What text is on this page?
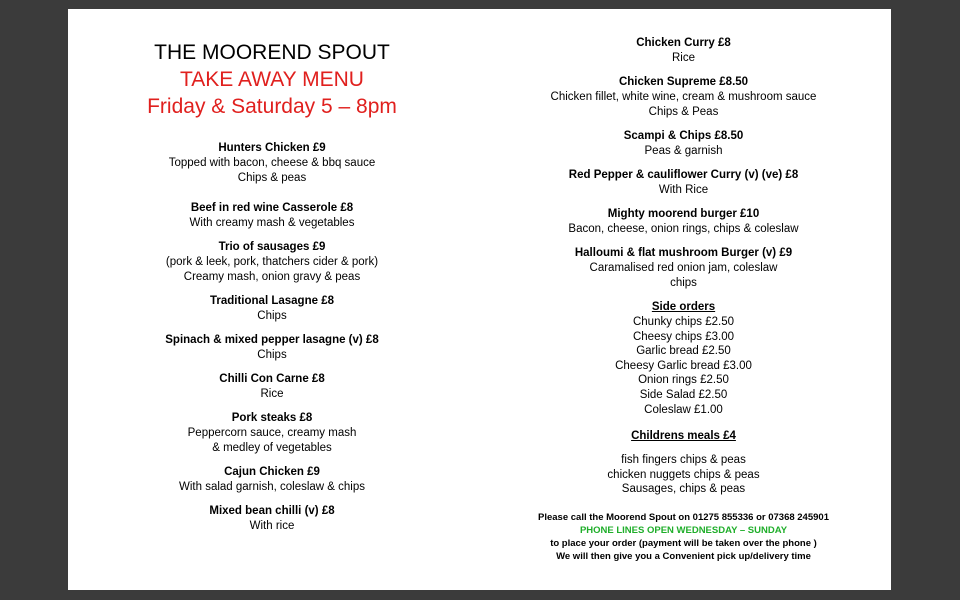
THE MOOREND SPOUT
TAKE AWAY MENU
Friday & Saturday 5 – 8pm
Hunters Chicken £9
Topped with bacon, cheese & bbq sauce
Chips & peas
Beef in red wine Casserole £8
With creamy mash & vegetables
Trio of sausages £9
(pork & leek, pork, thatchers cider & pork)
Creamy mash, onion gravy & peas
Traditional Lasagne £8
Chips
Spinach & mixed pepper lasagne (v) £8
Chips
Chilli Con Carne £8
Rice
Pork steaks £8
Peppercorn sauce, creamy mash
& medley of vegetables
Cajun Chicken £9
With salad garnish, coleslaw & chips
Mixed bean chilli (v) £8
With rice
Chicken Curry £8
Rice
Chicken Supreme £8.50
Chicken fillet, white wine, cream & mushroom sauce
Chips & Peas
Scampi & Chips £8.50
Peas & garnish
Red Pepper & cauliflower Curry (v) (ve) £8
With Rice
Mighty moorend burger £10
Bacon, cheese, onion rings, chips & coleslaw
Halloumi & flat mushroom Burger (v) £9
Caramalised red onion jam, coleslaw
chips
Side orders
Chunky chips £2.50
Cheesy chips £3.00
Garlic bread £2.50
Cheesy Garlic bread £3.00
Onion rings £2.50
Side Salad £2.50
Coleslaw £1.00
Childrens meals £4
fish fingers chips & peas
chicken nuggets chips & peas
Sausages, chips & peas
Please call the Moorend Spout on 01275 855336 or 07368 245901
PHONE LINES OPEN WEDNESDAY – SUNDAY
to place your order (payment will be taken over the phone )
We will then give you a Convenient pick up/delivery time
